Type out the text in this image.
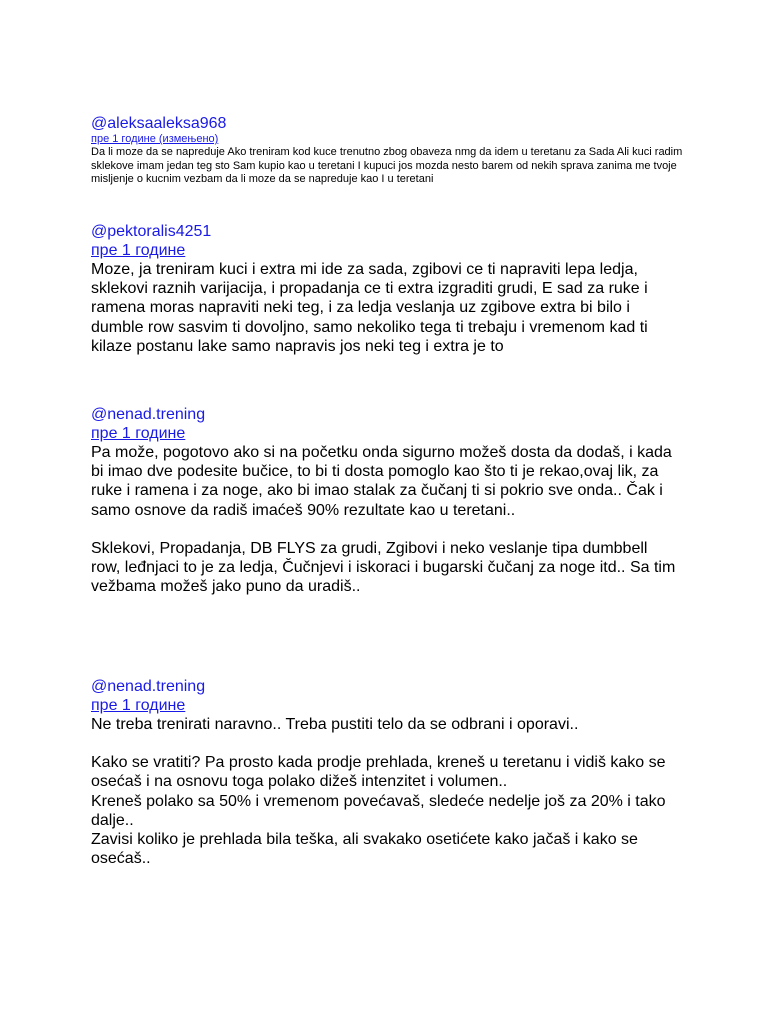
@aleksaaleksa968
пре 1 године (измењено)

Da li moze da se napreduje Ako treniram kod kuce trenutno zbog obaveza nmg da idem u teretanu za Sada Ali kuci radim sklekove imam jedan teg sto Sam kupio kao u teretani I kupuci jos mozda nesto barem od nekih sprava zanima me tvoje misljenje o kucnim vezbam da li moze da se napreduje kao I u teretani

@pektoralis4251
пре 1 године

Moze, ja treniram kuci i extra mi ide za sada, zgibovi ce ti napraviti lepa ledja, sklekovi raznih varijacija, i propadanja ce ti extra izgraditi grudi, E sad za ruke i ramena moras napraviti neki teg, i za ledja veslanja uz zgibove extra bi bilo i dumble row sasvim ti dovoljno, samo nekoliko tega ti trebaju i vremenom kad ti kilaze postanu lake samo napravis jos neki teg i extra je to

@nenad.trening
пре 1 године

Pa može, pogotovo ako si na početku onda sigurno možeš dosta da dodaš, i kada bi imao dve podesite bučice, to bi ti dosta pomoglo kao što ti je rekao,ovaj lik, za ruke i ramena i za noge, ako bi imao stalak za čučanj ti si pokrio sve onda.. Čak i samo osnove da radiš imaćeš 90% rezultate kao u teretani..

Sklekovi, Propadanja, DB FLYS za grudi, Zgibovi i neko veslanje tipa dumbbell row, leđnjaci to je za ledja, Čučnjevi i iskoraci i bugarski čučanj za noge itd.. Sa tim vežbama možeš jako puno da uradiš..

@nenad.trening
пре 1 године

Ne treba trenirati naravno.. Treba pustiti telo da se odbrani i oporavi..

Kako se vratiti? Pa prosto kada prodje prehlada, kreneš u teretanu i vidiš kako se osećaš i na osnovu toga polako dižeš intenzitet i volumen..
Kreneš polako sa 50% i vremenom povećavaš, sledeće nedelje još za 20% i tako dalje..
Zavisi koliko je prehlada bila teška, ali svakako osetićete kako jačaš i kako se osećaš..
